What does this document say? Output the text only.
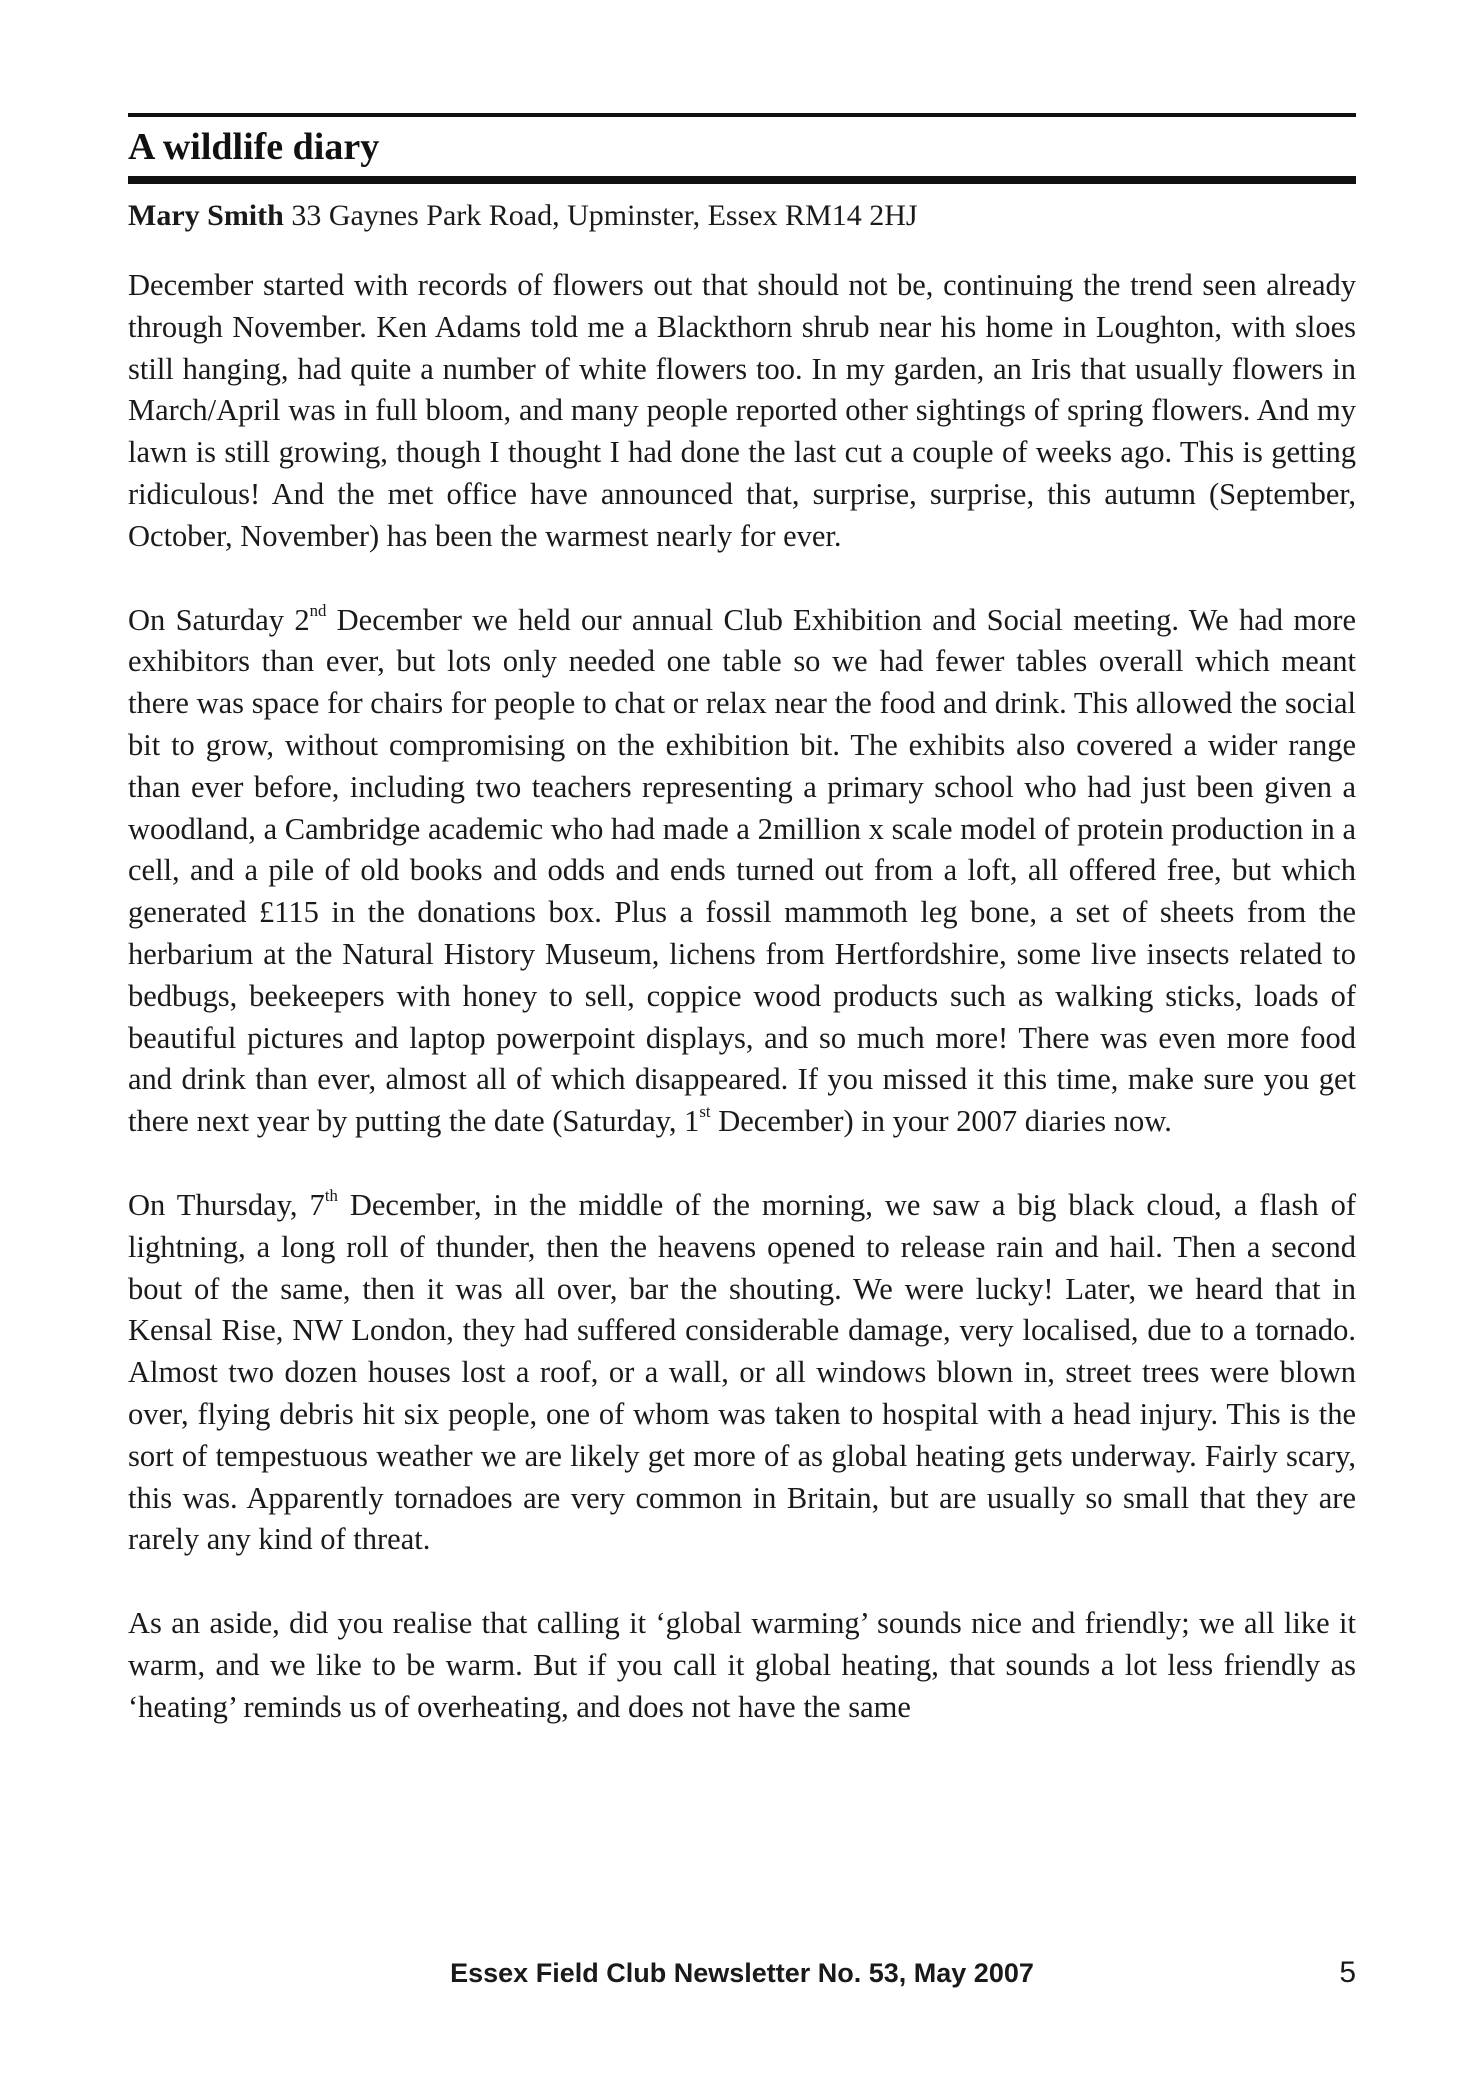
A wildlife diary

Mary Smith 33 Gaynes Park Road, Upminster, Essex RM14 2HJ

December started with records of flowers out that should not be, continuing the trend seen already through November. Ken Adams told me a Blackthorn shrub near his home in Loughton, with sloes still hanging, had quite a number of white flowers too. In my garden, an Iris that usually flowers in March/April was in full bloom, and many people reported other sightings of spring flowers. And my lawn is still growing, though I thought I had done the last cut a couple of weeks ago. This is getting ridiculous! And the met office have announced that, surprise, surprise, this autumn (September, October, November) has been the warmest nearly for ever.

On Saturday 2nd December we held our annual Club Exhibition and Social meeting. We had more exhibitors than ever, but lots only needed one table so we had fewer tables overall which meant there was space for chairs for people to chat or relax near the food and drink. This allowed the social bit to grow, without compromising on the exhibition bit. The exhibits also covered a wider range than ever before, including two teachers representing a primary school who had just been given a woodland, a Cambridge academic who had made a 2million x scale model of protein production in a cell, and a pile of old books and odds and ends turned out from a loft, all offered free, but which generated £115 in the donations box. Plus a fossil mammoth leg bone, a set of sheets from the herbarium at the Natural History Museum, lichens from Hertfordshire, some live insects related to bedbugs, beekeepers with honey to sell, coppice wood products such as walking sticks, loads of beautiful pictures and laptop powerpoint displays, and so much more! There was even more food and drink than ever, almost all of which disappeared. If you missed it this time, make sure you get there next year by putting the date (Saturday, 1st December) in your 2007 diaries now.

On Thursday, 7th December, in the middle of the morning, we saw a big black cloud, a flash of lightning, a long roll of thunder, then the heavens opened to release rain and hail. Then a second bout of the same, then it was all over, bar the shouting. We were lucky! Later, we heard that in Kensal Rise, NW London, they had suffered considerable damage, very localised, due to a tornado. Almost two dozen houses lost a roof, or a wall, or all windows blown in, street trees were blown over, flying debris hit six people, one of whom was taken to hospital with a head injury. This is the sort of tempestuous weather we are likely get more of as global heating gets underway. Fairly scary, this was. Apparently tornadoes are very common in Britain, but are usually so small that they are rarely any kind of threat.

As an aside, did you realise that calling it ‘global warming’ sounds nice and friendly; we all like it warm, and we like to be warm. But if you call it global heating, that sounds a lot less friendly as ‘heating’ reminds us of overheating, and does not have the same

Essex Field Club Newsletter No. 53, May 2007	5
